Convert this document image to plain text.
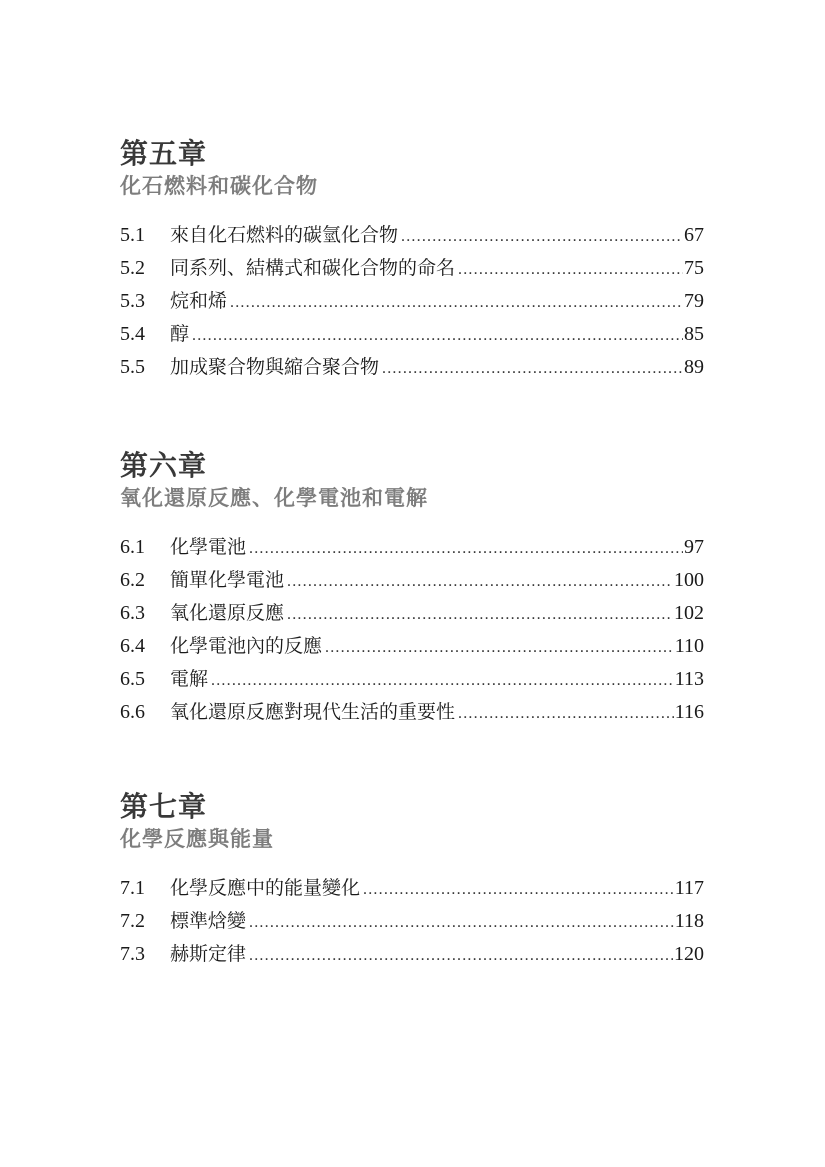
第五章
化石燃料和碳化合物
5.1	來自化石燃料的碳氫化合物 .....	67
5.2	同系列、結構式和碳化合物的命名 .....	75
5.3	烷和烯 .....	79
5.4	醇 .....	85
5.5	加成聚合物與縮合聚合物 .....	89
第六章
氧化還原反應、化學電池和電解
6.1	化學電池 .....	97
6.2	簡單化學電池 .....	100
6.3	氧化還原反應 .....	102
6.4	化學電池內的反應 .....	110
6.5	電解 .....	113
6.6	氧化還原反應對現代生活的重要性 .....	116
第七章
化學反應與能量
7.1	化學反應中的能量變化 .....	117
7.2	標準焓變 .....	118
7.3	赫斯定律 .....	120
